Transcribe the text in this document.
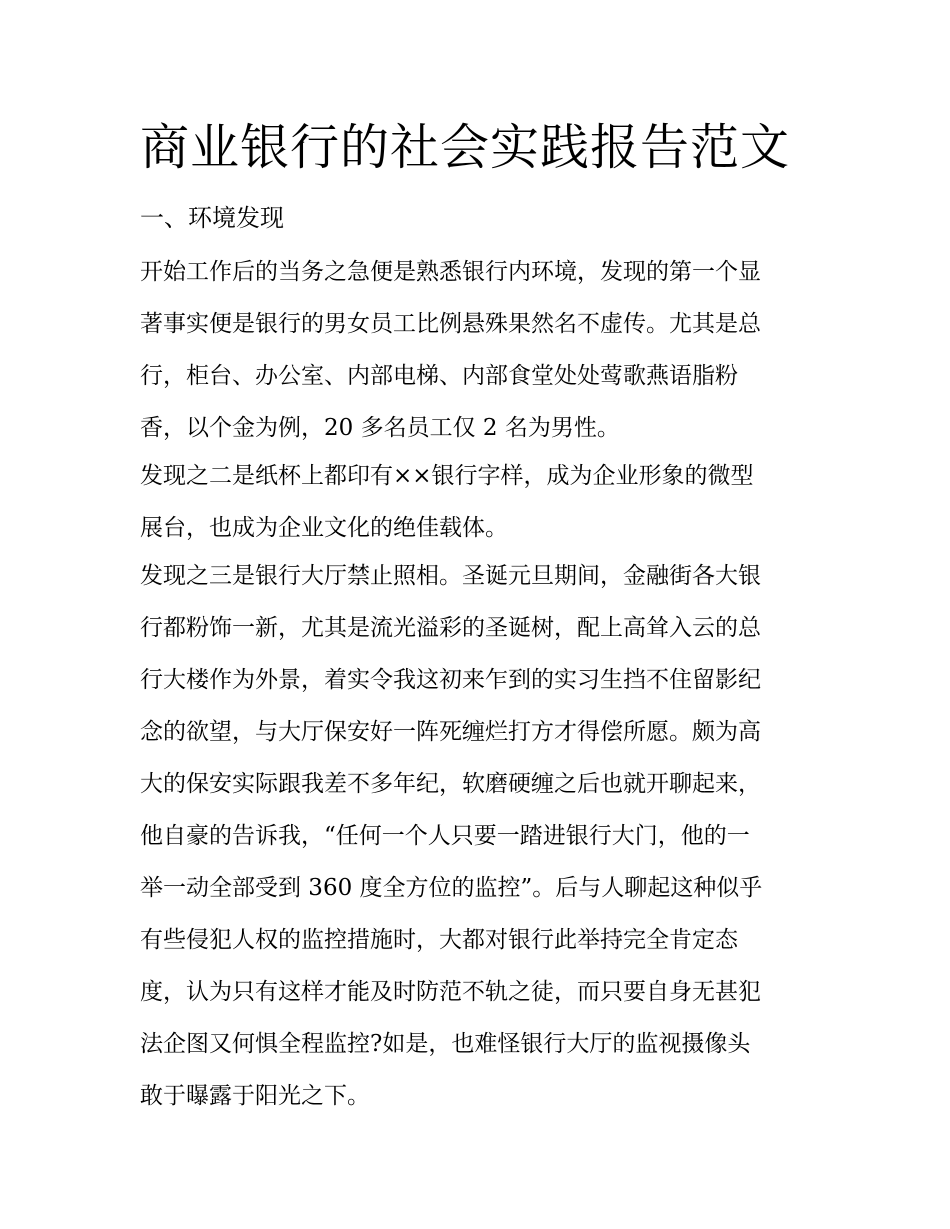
商业银行的社会实践报告范文
一、环境发现
开始工作后的当务之急便是熟悉银行内环境，发现的第一个显
著事实便是银行的男女员工比例悬殊果然名不虚传。尤其是总
行，柜台、办公室、内部电梯、内部食堂处处莺歌燕语脂粉
香，以个金为例，20 多名员工仅 2 名为男性。
发现之二是纸杯上都印有××银行字样，成为企业形象的微型
展台，也成为企业文化的绝佳载体。
发现之三是银行大厅禁止照相。圣诞元旦期间，金融街各大银
行都粉饰一新，尤其是流光溢彩的圣诞树，配上高耸入云的总
行大楼作为外景，着实令我这初来乍到的实习生挡不住留影纪
念的欲望，与大厅保安好一阵死缠烂打方才得偿所愿。颇为高
大的保安实际跟我差不多年纪，软磨硬缠之后也就开聊起来，
他自豪的告诉我，“任何一个人只要一踏进银行大门，他的一
举一动全部受到 360 度全方位的监控”。后与人聊起这种似乎
有些侵犯人权的监控措施时，大都对银行此举持完全肯定态
度，认为只有这样才能及时防范不轨之徒，而只要自身无甚犯
法企图又何惧全程监控?如是，也难怪银行大厅的监视摄像头
敢于曝露于阳光之下。
